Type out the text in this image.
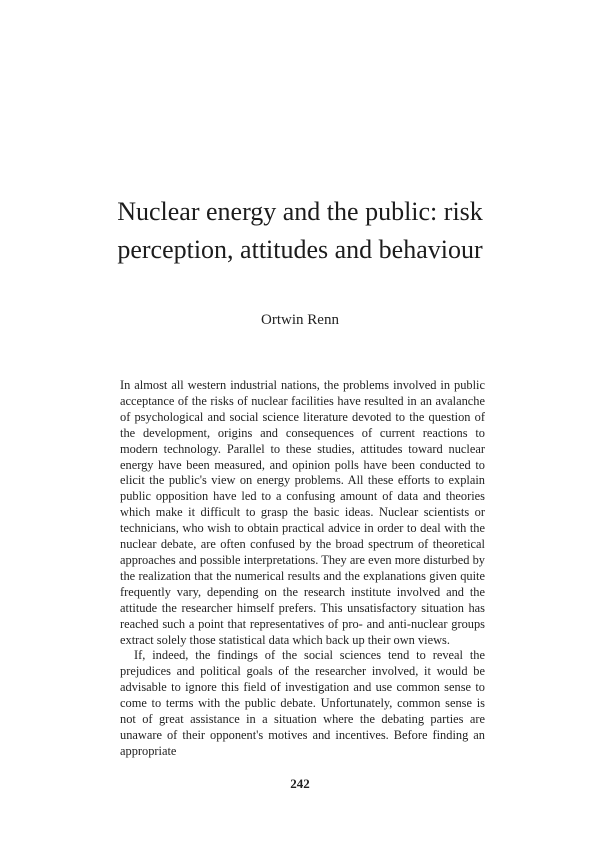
Nuclear energy and the public: risk
perception, attitudes and behaviour

Ortwin Renn

In almost all western industrial nations, the problems involved in public acceptance of the risks of nuclear facilities have resulted in an avalanche of psychological and social science literature devoted to the question of the development, origins and consequences of current reactions to modern technology. Parallel to these studies, attitudes toward nuclear energy have been measured, and opinion polls have been conducted to elicit the public's view on energy problems. All these efforts to explain public opposition have led to a confusing amount of data and theories which make it difficult to grasp the basic ideas. Nuclear scientists or technicians, who wish to obtain practical advice in order to deal with the nuclear debate, are often confused by the broad spectrum of theoretical approaches and possible interpretations. They are even more disturbed by the realization that the numerical results and the explanations given quite frequently vary, depending on the research institute involved and the attitude the researcher himself prefers. This unsatisfactory situation has reached such a point that representatives of pro- and anti-nuclear groups extract solely those statistical data which back up their own views.

If, indeed, the findings of the social sciences tend to reveal the prejudices and political goals of the researcher involved, it would be advisable to ignore this field of investigation and use common sense to come to terms with the public debate. Unfortunately, common sense is not of great assistance in a situation where the debating parties are unaware of their opponent's motives and incentives. Before finding an appropriate

242
